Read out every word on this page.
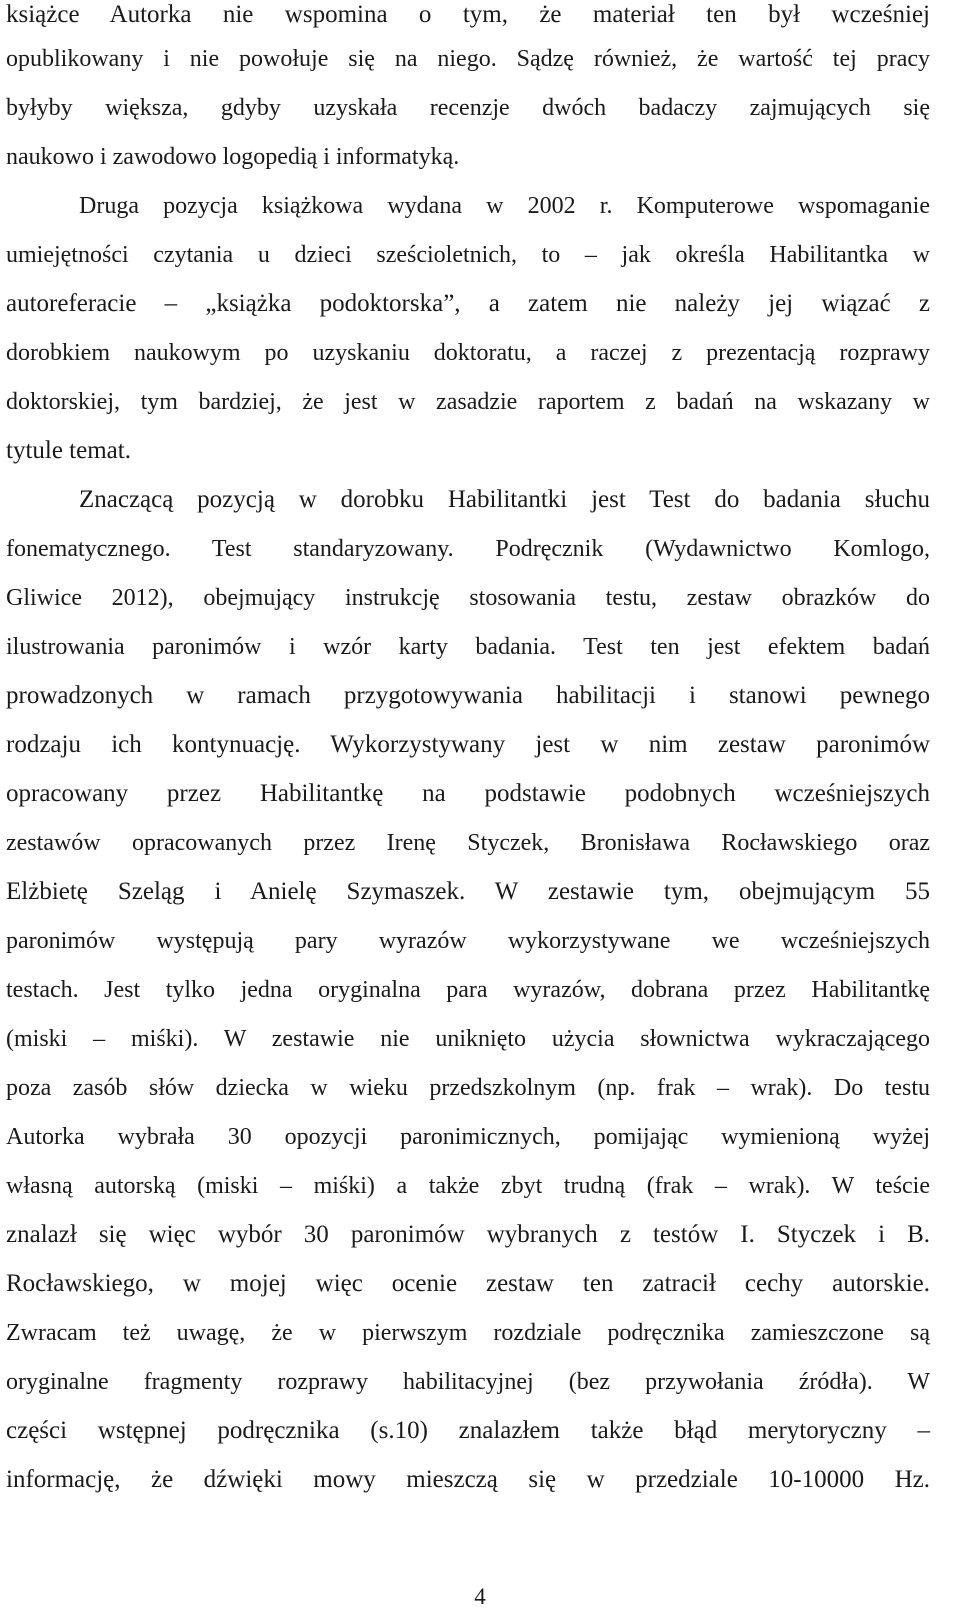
książce Autorka nie wspomina o tym, że materiał ten był wcześniej
opublikowany i nie powołuje się na niego. Sądzę również, że wartość tej pracy
byłyby większa, gdyby uzyskała recenzje dwóch badaczy zajmujących się
naukowo i zawodowo logopedią i informatyką.
Druga pozycja książkowa wydana w 2002 r. Komputerowe wspomaganie
umiejętności czytania u dzieci sześcioletnich, to – jak określa Habilitantka w
autoreferacie – „książka podoktorska”, a zatem nie należy jej wiązać z
dorobkiem naukowym po uzyskaniu doktoratu, a raczej z prezentacją rozprawy
doktorskiej, tym bardziej, że jest w zasadzie raportem z badań na wskazany w
tytule temat.
Znaczącą pozycją w dorobku Habilitantki jest Test do badania słuchu
fonematycznego. Test standaryzowany. Podręcznik (Wydawnictwo Komlogo,
Gliwice 2012), obejmujący instrukcję stosowania testu, zestaw obrazków do
ilustrowania paronimów i wzór karty badania. Test ten jest efektem badań
prowadzonych w ramach przygotowywania habilitacji i stanowi pewnego
rodzaju ich kontynuację. Wykorzystywany jest w nim zestaw paronimów
opracowany przez Habilitantkę na podstawie podobnych wcześniejszych
zestawów opracowanych przez Irenę Styczek, Bronisława Rocławskiego oraz
Elżbietę Szeląg i Anielę Szymaszek. W zestawie tym, obejmującym 55
paronimów występują pary wyrazów wykorzystywane we wcześniejszych
testach. Jest tylko jedna oryginalna para wyrazów, dobrana przez Habilitantkę
(miski – miśki). W zestawie nie uniknięto użycia słownictwa wykraczającego
poza zasób słów dziecka w wieku przedszkolnym (np. frak – wrak). Do testu
Autorka wybrała 30 opozycji paronimicznych, pomijając wymienioną wyżej
własną autorską (miski – miśki) a także zbyt trudną (frak – wrak). W teście
znalazł się więc wybór 30 paronimów wybranych z testów I. Styczek i B.
Rocławskiego, w mojej więc ocenie zestaw ten zatracił cechy autorskie.
Zwracam też uwagę, że w pierwszym rozdziale podręcznika zamieszczone są
oryginalne fragmenty rozprawy habilitacyjnej (bez przywołania źródła). W
części wstępnej podręcznika (s.10) znalazłem także błąd merytoryczny –
informację, że dźwięki mowy mieszczą się w przedziale 10-10000 Hz.
4
